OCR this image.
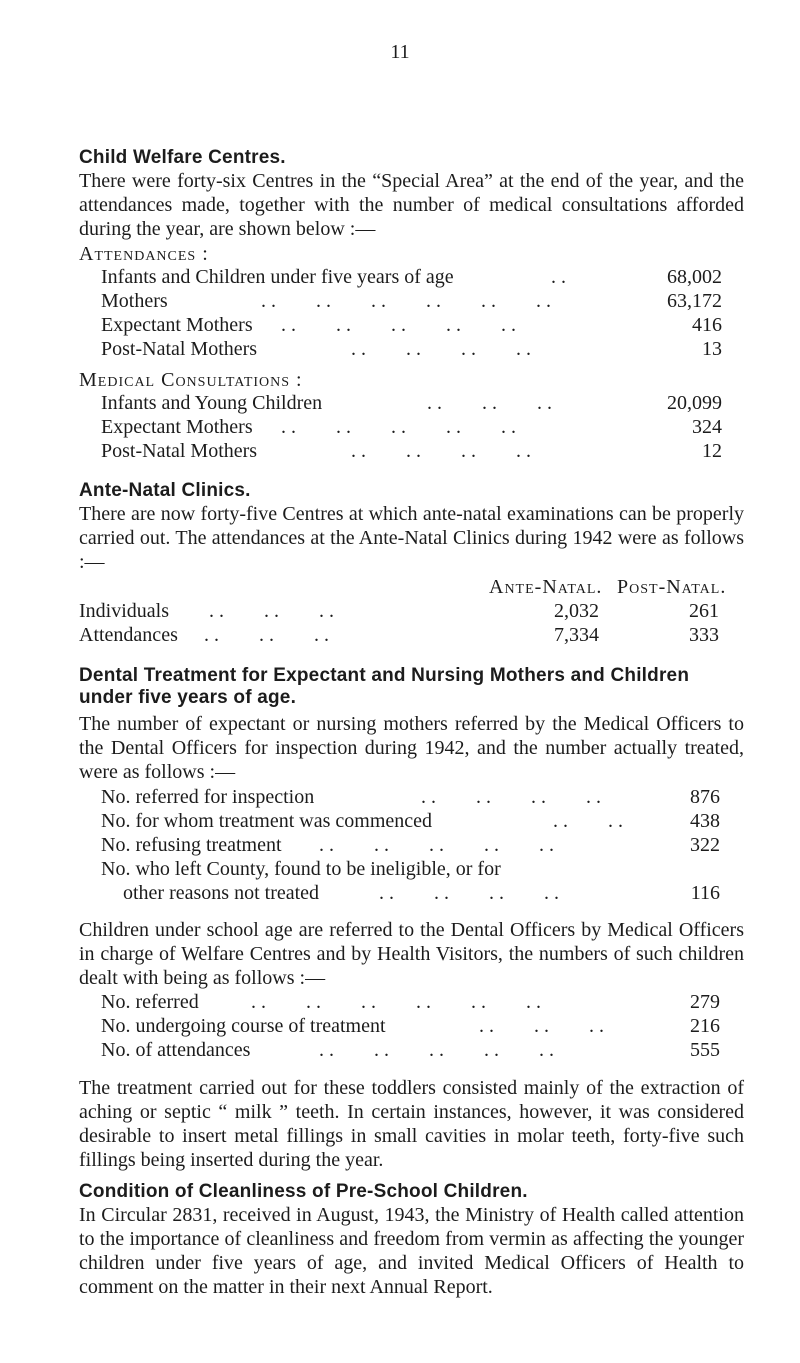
11
Child Welfare Centres.

There were forty-six Centres in the “Special Area” at the end of the year, and the attendances made, together with the number of medical consultations afforded during the year, are shown below :—

Attendances :
Infants and Children under five years of age	. .	68,002
Mothers	. .        . .        . .        . .        . .        . .	63,172
Expectant Mothers . .        . .        . .        . .        . .	416
Post-Natal Mothers	. .        . .        . .        . .	13
Medical Consultations :
Infants and Young Children	. .        . .        . .	20,099
Expectant Mothers . .        . .        . .        . .        . .	324
Post-Natal Mothers	. .        . .        . .        . .	12
Ante-Natal Clinics.

There are now forty-five Centres at which ante-natal examinations can be properly carried out. The attendances at the Ante-Natal Clinics during 1942 were as follows :—

Ante-Natal. Post-Natal.
Individuals . .        . .        . .	2,032	261
Attendances . .        . .        . .	7,334	333
Dental Treatment for Expectant and Nursing Mothers and Children
under five years of age.

The number of expectant or nursing mothers referred by the Medical Officers to the Dental Officers for inspection during 1942, and the number actually treated, were as follows :—

No. referred for inspection	. .        . .        . .        . .	876
No. for whom treatment was commenced	. .        . .	438
No. refusing treatment . .        . .        . .        . .        . .	322
No. who left County, found to be ineligible, or for
other reasons not treated	. .        . .        . .        . .	116

Children under school age are referred to the Dental Officers by Medical Officers in charge of Welfare Centres and by Health Visitors, the numbers of such children dealt with being as follows :—

No. referred	. .        . .        . .        . .        . .        . .	279
No. undergoing course of treatment	. .        . .        . .	216
No. of attendances	. .        . .        . .        . .        . .	555

The treatment carried out for these toddlers consisted mainly of the extraction of aching or septic “ milk ” teeth. In certain instances, however, it was considered desirable to insert metal fillings in small cavities in molar teeth, forty-five such fillings being inserted during the year.

Condition of Cleanliness of Pre-School Children.

In Circular 2831, received in August, 1943, the Ministry of Health called attention to the importance of cleanliness and freedom from vermin as affecting the younger children under five years of age, and invited Medical Officers of Health to comment on the matter in their next Annual Report.
